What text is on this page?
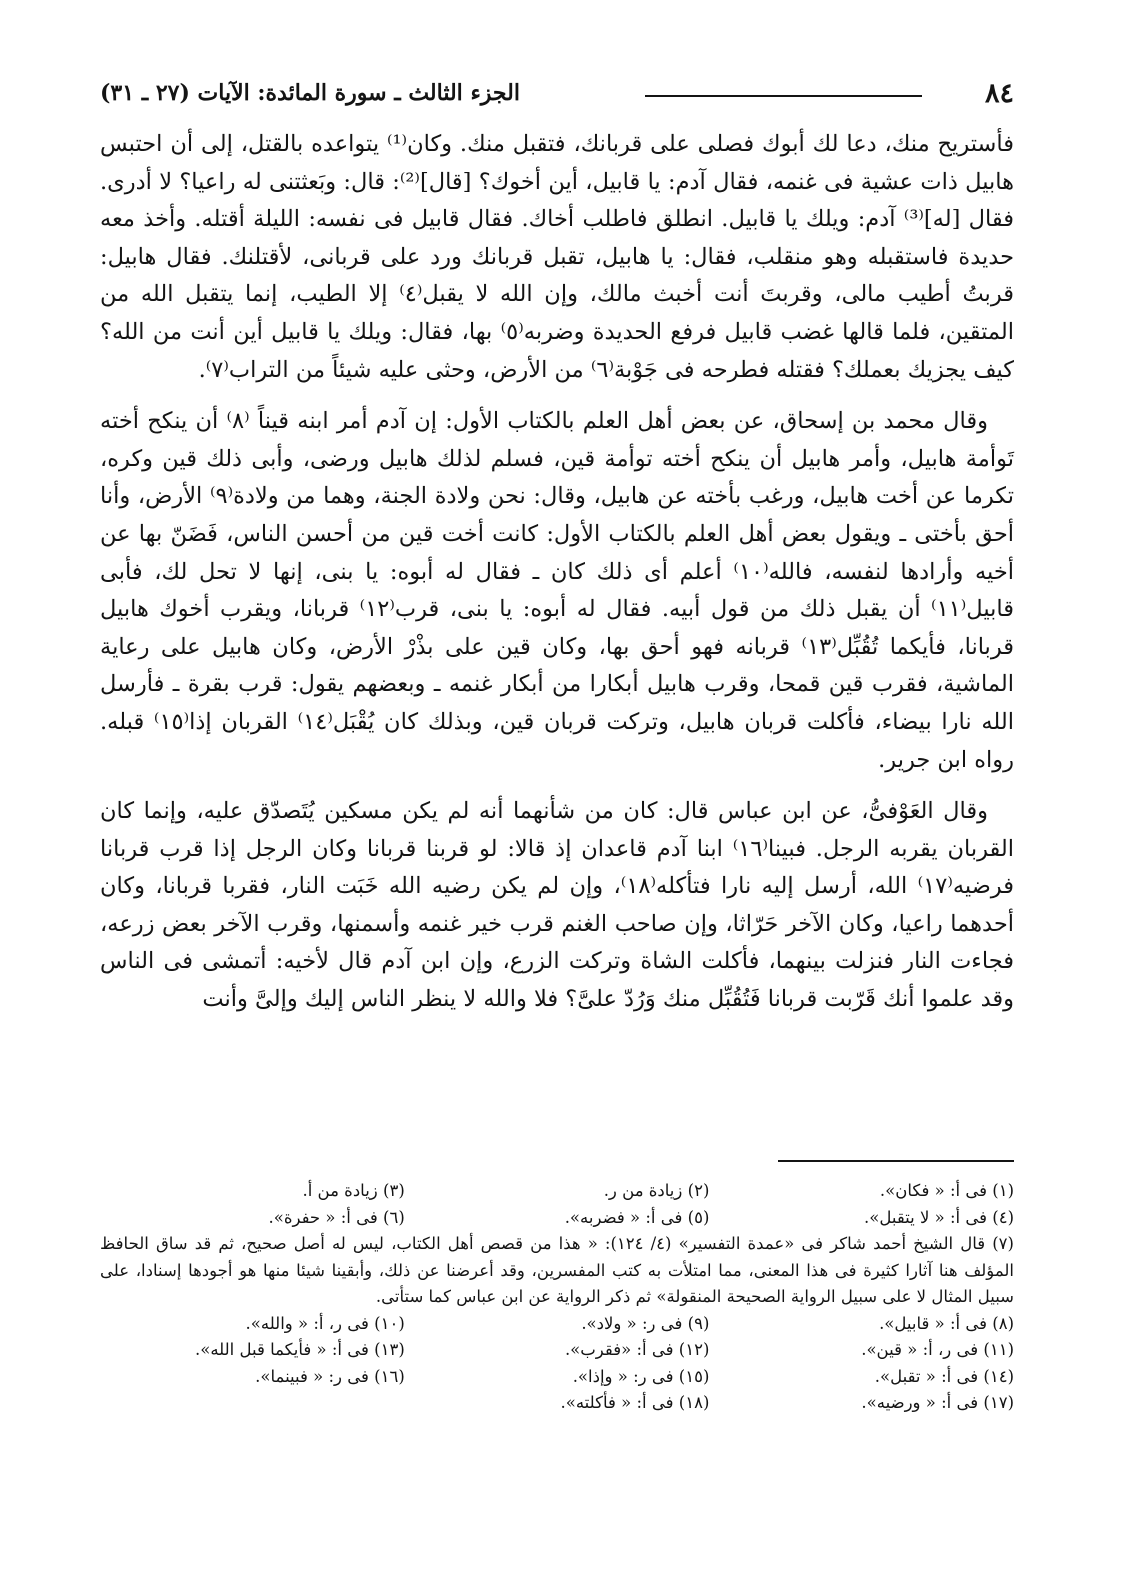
٨٤
الجزء الثالث ـ سورة المائدة: الآيات (٢٧ ـ ٣١)

فأستريح منك، دعا لك أبوك فصلى على قربانك، فتقبل منك. وكان⁽¹⁾ يتواعده بالقتل، إلى أن احتبس هابيل ذات عشية فى غنمه، فقال آدم: يا قابيل، أين أخوك؟ [قال]⁽²⁾: قال: وبَعثتنى له راعيا؟ لا أدرى. فقال [له]⁽³⁾ آدم: ويلك يا قابيل. انطلق فاطلب أخاك. فقال قابيل فى نفسه: الليلة أقتله. وأخذ معه حديدة فاستقبله وهو منقلب، فقال: يا هابيل، تقبل قربانك ورد على قربانى، لأقتلنك. فقال هابيل: قربتُ أطيب مالى، وقربتَ أنت أخبث مالك، وإن الله لا يقبل⁽٤⁾ إلا الطيب، إنما يتقبل الله من المتقين، فلما قالها غضب قابيل فرفع الحديدة وضربه⁽٥⁾ بها، فقال: ويلك يا قابيل أين أنت من الله؟ كيف يجزيك بعملك؟ فقتله فطرحه فى جَوْبة⁽٦⁾ من الأرض، وحثى عليه شيئاً من التراب⁽٧⁾.

وقال محمد بن إسحاق، عن بعض أهل العلم بالكتاب الأول: إن آدم أمر ابنه قيناً ⁽٨⁾ أن ينكح أخته تَوأمة هابيل، وأمر هابيل أن ينكح أخته توأمة قين، فسلم لذلك هابيل ورضى، وأبى ذلك قين وكره، تكرما عن أخت هابيل، ورغب بأخته عن هابيل، وقال: نحن ولادة الجنة، وهما من ولادة⁽٩⁾ الأرض، وأنا أحق بأختى ـ ويقول بعض أهل العلم بالكتاب الأول: كانت أخت قين من أحسن الناس، فَضَنّ بها عن أخيه وأرادها لنفسه، فالله⁽١٠⁾ أعلم أى ذلك كان ـ فقال له أبوه: يا بنى، إنها لا تحل لك، فأبى قابيل⁽١١⁾ أن يقبل ذلك من قول أبيه. فقال له أبوه: يا بنى، قرب⁽١٢⁾ قربانا، ويقرب أخوك هابيل قربانا، فأيكما تُقُبِّل⁽١٣⁾ قربانه فهو أحق بها، وكان قين على بذْرْ الأرض، وكان هابيل على رعاية الماشية، فقرب قين قمحا، وقرب هابيل أبكارا من أبكار غنمه ـ وبعضهم يقول: قرب بقرة ـ فأرسل الله نارا بيضاء، فأكلت قربان هابيل، وتركت قربان قين، وبذلك كان يُقْبَل⁽١٤⁾ القربان إذا⁽١٥⁾ قبله. رواه ابن جرير.

وقال العَوْفىُّ، عن ابن عباس قال: كان من شأنهما أنه لم يكن مسكين يُتَصدّق عليه، وإنما كان القربان يقربه الرجل. فبينا⁽١٦⁾ ابنا آدم قاعدان إذ قالا: لو قربنا قربانا وكان الرجل إذا قرب قربانا فرضيه⁽١٧⁾ الله، أرسل إليه نارا فتأكله⁽١٨⁾، وإن لم يكن رضيه الله خَبَت النار، فقربا قربانا، وكان أحدهما راعيا، وكان الآخر حَرّاثا، وإن صاحب الغنم قرب خير غنمه وأسمنها، وقرب الآخر بعض زرعه، فجاءت النار فنزلت بينهما، فأكلت الشاة وتركت الزرع، وإن ابن آدم قال لأخيه: أتمشى فى الناس وقد علموا أنك قَرّبت قربانا فَتُقُبِّل منك وَرُدّ علىَّ؟ فلا والله لا ينظر الناس إليك وإلىَّ وأنت

(١) فى أ: « فكان».
(٢) زيادة من ر.
(٣) زيادة من أ.
(٤) فى أ: « لا يتقبل».
(٥) فى أ: « فضربه».
(٦) فى أ: « حفرة».
(٧) قال الشيخ أحمد شاكر فى «عمدة التفسير» (٤/ ١٢٤): « هذا من قصص أهل الكتاب، ليس له أصل صحيح، ثم قد ساق الحافظ المؤلف هنا آثارا كثيرة فى هذا المعنى، مما امتلأت به كتب المفسرين، وقد أعرضنا عن ذلك، وأبقينا شيئا منها هو أجودها إسنادا، على سبيل المثال لا على سبيل الرواية الصحيحة المنقولة» ثم ذكر الرواية عن ابن عباس كما ستأتى.
(٨) فى أ: « قابيل».
(٩) فى ر: « ولاد».
(١٠) فى ر، أ: « والله».
(١١) فى ر، أ: « قين».
(١٢) فى أ: «فقرب».
(١٣) فى أ: « فأيكما قبل الله».
(١٤) فى أ: « تقبل».
(١٥) فى ر: « وإذا».
(١٦) فى ر: « فبينما».
(١٧) فى أ: « ورضيه».
(١٨) فى أ: « فأكلته».
